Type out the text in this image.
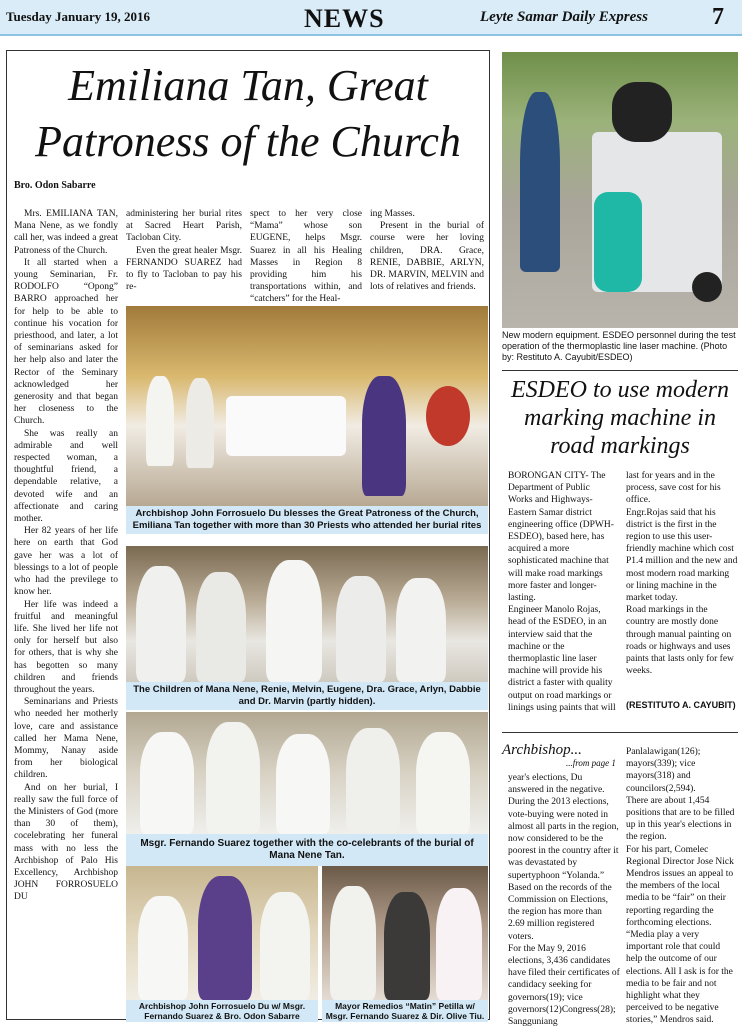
Tuesday January 19, 2016	NEWS	Leyte Samar Daily Express	7
Emiliana Tan, Great
Patroness of the Church
Bro. Odon Sabarre

Mrs. EMILIANA TAN, Mana Nene, as we fondly call her, was indeed a great Patroness of the Church.

It all started when a young Seminarian, Fr. RODOLFO “Opong” BARRO approached her for help to be able to continue his vocation for priesthood, and later, a lot of seminarians asked for her help also and later the Rector of the Seminary acknowledged her generosity and that began her closeness to the Church.

She was really an admirable and well respected woman, a thoughtful friend, a dependable relative, a devoted wife and an affectionate and caring mother.

Her 82 years of her life here on earth that God gave her was a lot of blessings to a lot of people who had the previlege to know her.

Her life was indeed a fruitful and meaningful life. She lived her life not only for herself but also for others, that is why she has begotten so many children and friends throughout the years.

Seminarians and Priests who needed her motherly love, care and assistance called her Mama Nene, Mommy, Nanay aside from her biological children.

And on her burial, I really saw the full force of the Ministers of God (more than 30 of them), cocelebrating her funeral mass with no less the Archbishop of Palo His Excellency, Archbishop JOHN FORROSUELO DU

administering her burial rites at Sacred Heart Parish, Tacloban City.

Even the great healer Msgr. FERNANDO SUAREZ had to fly to Tacloban to pay his re-

spect to her very close “Mama” whose son EUGENE, helps Msgr. Suarez in all his Healing Masses in Region 8 providing him his transportations within, and “catchers” for the Heal-

ing Masses.

Present in the burial of course were her loving children, DRA. Grace, RENIE, DABBIE, ARLYN, DR. MARVIN, MELVIN and lots of relatives and friends.

Archbishop John Forrosuelo Du blesses the Great Patroness of the Church, Emiliana Tan together with more than 30 Priests who attended her burial rites
The Children of Mana Nene, Renie, Melvin, Eugene, Dra. Grace, Arlyn, Dabbie and Dr. Marvin (partly hidden).
Msgr. Fernando Suarez together with the co-celebrants of the burial of Mana Nene Tan.
Archbishop John Forrosuelo Du w/ Msgr. Fernando Suarez & Bro. Odon Sabarre
Mayor Remedios “Matin” Petilla w/ Msgr. Fernando Suarez & Dir. Olive Tiu.
New modern equipment. ESDEO personnel during the test operation of the thermoplastic line laser machine. (Photo by: Restituto A. Cayubit/ESDEO)
ESDEO to use modern marking machine in road markings
BORONGAN CITY- The Department of Public Works and Highways- Eastern Samar district engineering office (DPWH-ESDEO), based here, has acquired a more sophisticated machine that will make road markings more faster and longer-lasting.
Engineer Manolo Rojas, head of the ESDEO, in an interview said that the machine or the thermoplastic line laser machine will provide his district a faster with quality output on road markings or linings using paints that will
last for years and in the process, save cost for his office.
Engr.Rojas said that his district is the first in the region to use this user- friendly machine which cost P1.4 million and the new and most modern road marking or lining machine in the market today.
Road markings in the country are mostly done through manual painting on roads or highways and uses paints that lasts only for few weeks.
(RESTITUTO A. CAYUBIT)
Archbishop...
...from page 1
year's elections, Du answered in the negative.
During the 2013 elections, vote-buying were noted in almost all parts in the region, now considered to be the poorest in the country after it was devastated by supertyphoon “Yolanda.”
Based on the records of the Commission on Elections, the region has more than 2.69 million registered voters.
For the May 9, 2016 elections, 3,436 candidates have filed their certificates of candidacy seeking for governors(19); vice governors(12)Congress(28); Sangguniang
Panlalawigan(126); mayors(339); vice mayors(318) and councilors(2,594).
There are about 1,454 positions that are to be filled up in this year's elections in the region.
For his part, Comelec Regional Director Jose Nick Mendros issues an appeal to the members of the local media to be “fair” on their reporting regarding the forthcoming elections.
“Media play a very important role that could help the outcome of our elections. All I ask is for the media to be fair and not highlight what they perceived to be negative stories,” Mendros said.
